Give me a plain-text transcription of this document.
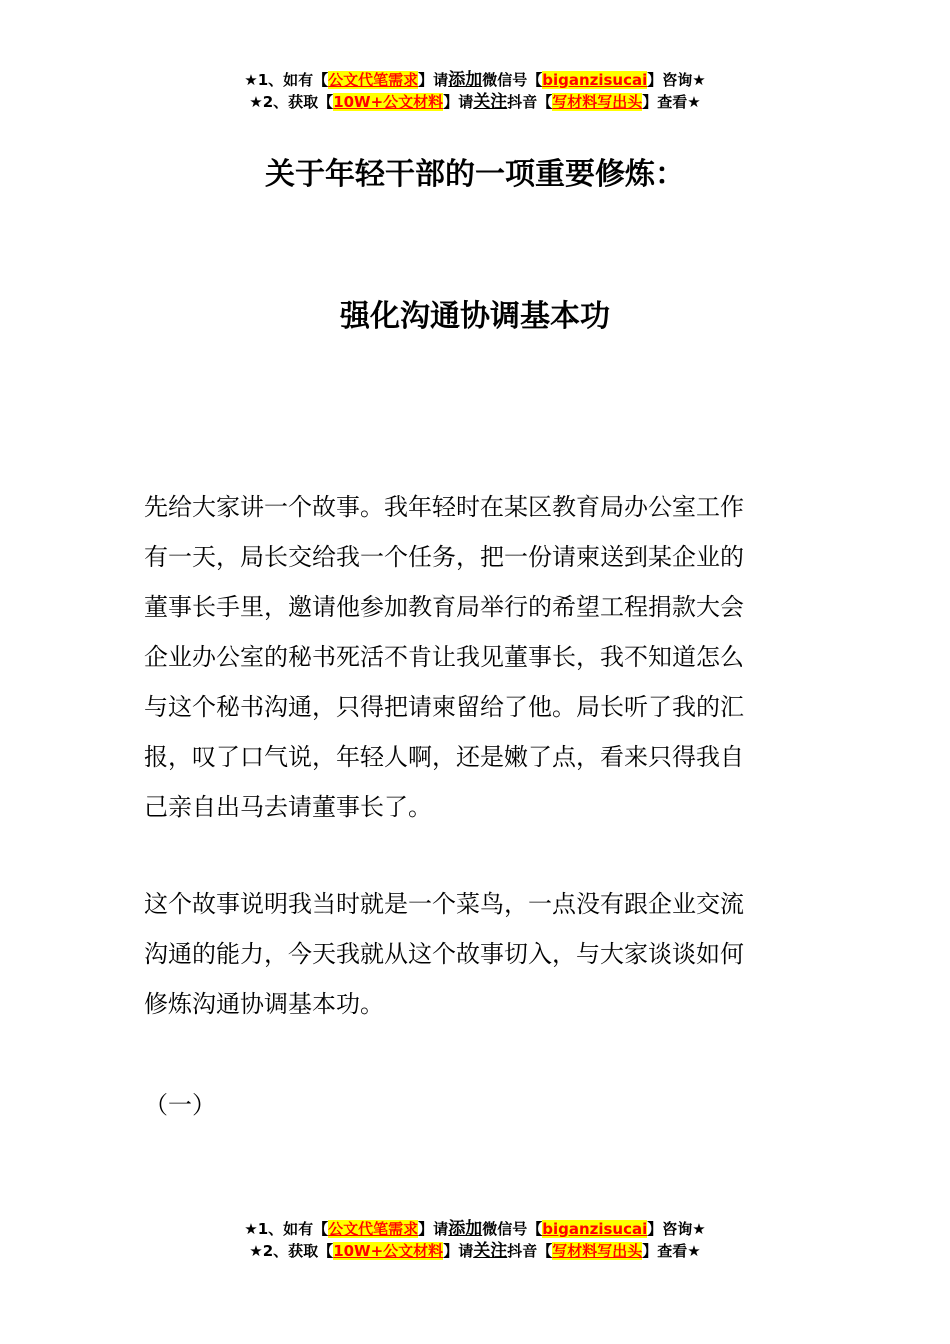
★1、如有【公文代笔需求】请添加微信号【biganzisucai】咨询★
★2、获取【10W+公文材料】请关注抖音【写材料写出头】查看★
关于年轻干部的一项重要修炼：
强化沟通协调基本功
先给大家讲一个故事。我年轻时在某区教育局办公室工作
有一天，局长交给我一个任务，把一份请柬送到某企业的
董事长手里，邀请他参加教育局举行的希望工程捐款大会
企业办公室的秘书死活不肯让我见董事长，我不知道怎么
与这个秘书沟通，只得把请柬留给了他。局长听了我的汇
报，叹了口气说，年轻人啊，还是嫩了点，看来只得我自
己亲自出马去请董事长了。
这个故事说明我当时就是一个菜鸟，一点没有跟企业交流
沟通的能力，今天我就从这个故事切入，与大家谈谈如何
修炼沟通协调基本功。
（一）
★1、如有【公文代笔需求】请添加微信号【biganzisucai】咨询★
★2、获取【10W+公文材料】请关注抖音【写材料写出头】查看★
